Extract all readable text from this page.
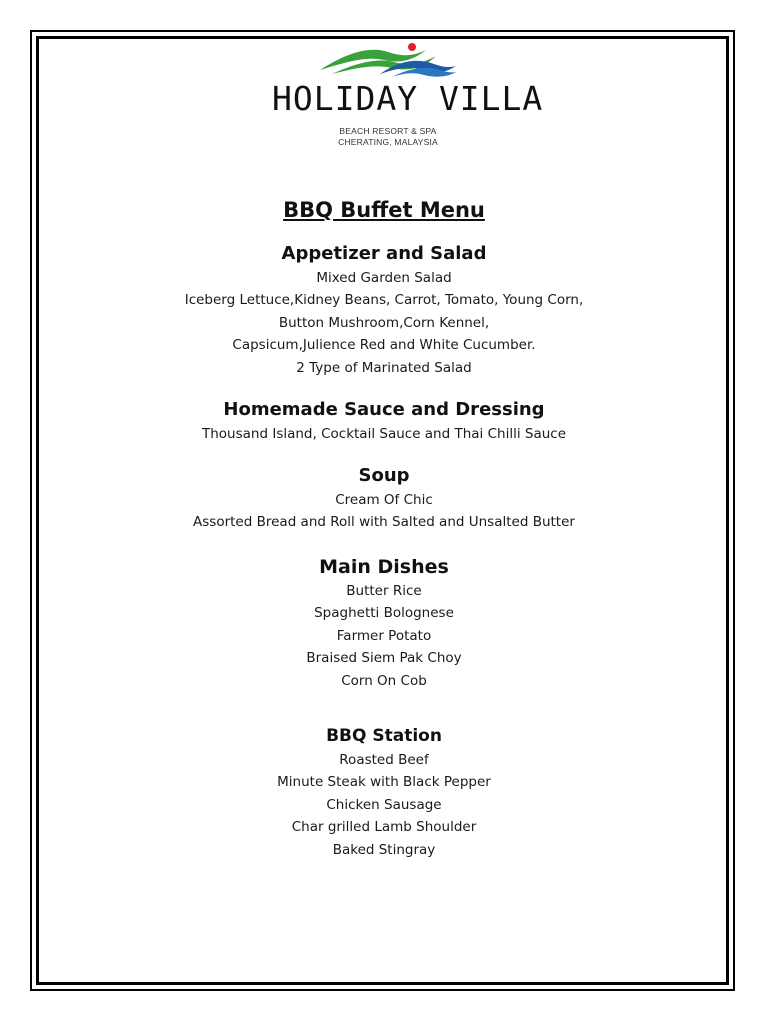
HOLIDAY VILLA
BEACH RESORT & SPA
CHERATING, MALAYSIA
BBQ Buffet Menu
Appetizer and Salad
Mixed Garden Salad
Iceberg Lettuce,Kidney Beans, Carrot, Tomato, Young Corn,
Button Mushroom,Corn Kennel,
Capsicum,Julience Red and White Cucumber.
2 Type of Marinated Salad
Homemade Sauce and Dressing
Thousand Island, Cocktail Sauce and Thai Chilli Sauce
Soup
Cream Of Chic
Assorted Bread and Roll with Salted and Unsalted Butter
Main Dishes
Butter Rice
Spaghetti Bolognese
Farmer Potato
Braised Siem Pak Choy
Corn On Cob
BBQ Station
Roasted Beef
Minute Steak with Black Pepper
Chicken Sausage
Char grilled Lamb Shoulder
Baked Stingray
